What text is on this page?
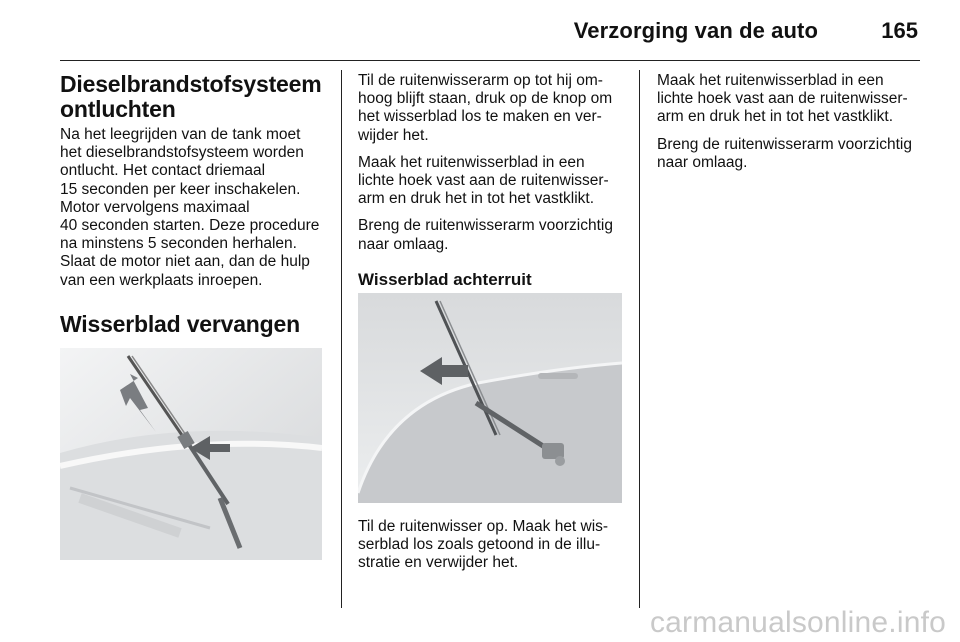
Verzorging van de auto	165
Dieselbrandstofsysteem ontluchten

Na het leegrijden van de tank moet
het dieselbrandstofsysteem worden
ontlucht. Het contact driemaal
15 seconden per keer inschakelen.
Motor vervolgens maximaal
40 seconden starten. Deze procedure
na minstens 5 seconden herhalen.
Slaat de motor niet aan, dan de hulp
van een werkplaats inroepen.

Wisserblad vervangen

Til de ruitenwisserarm op tot hij om-
hoog blijft staan, druk op de knop om
het wisserblad los te maken en ver-
wijder het.

Maak het ruitenwisserblad in een
lichte hoek vast aan de ruitenwisser-
arm en druk het in tot het vastklikt.

Breng de ruitenwisserarm voorzichtig
naar omlaag.

Wisserblad achterruit

Til de ruitenwisser op. Maak het wis-
serblad los zoals getoond in de illu-
stratie en verwijder het.

Maak het ruitenwisserblad in een
lichte hoek vast aan de ruitenwisser-
arm en druk het in tot het vastklikt.

Breng de ruitenwisserarm voorzichtig
naar omlaag.

carmanualsonline.info
